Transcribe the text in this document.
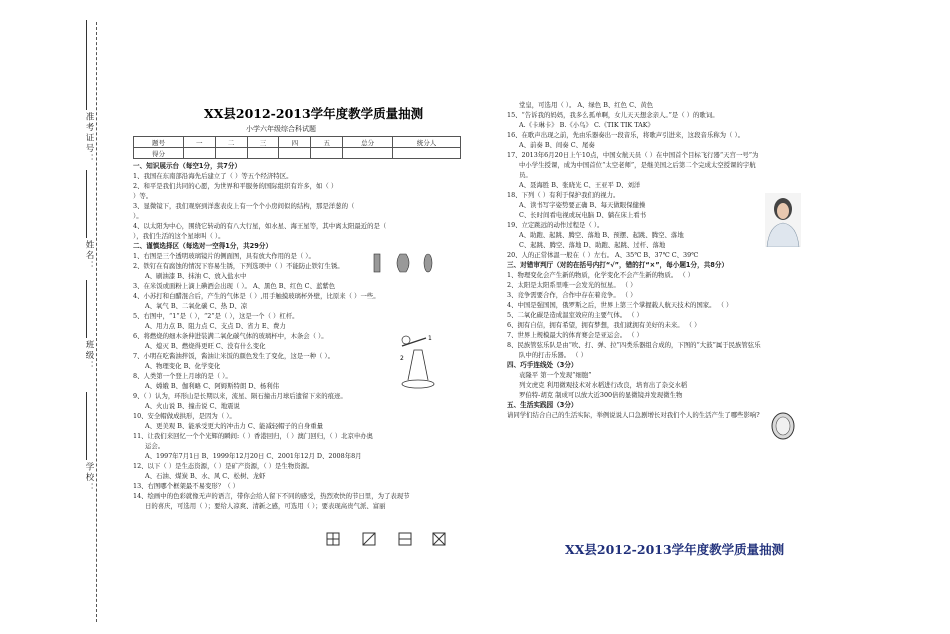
准考证号：
姓名：
班级：
学校：
XX县2012-2013学年度教学质量抽测
小学六年级综合科试题
题号	一	二	三	四	五	总分	统分人
得分							
一、知识展示台（每空1分，共7分）
1、我国在东南部沿海先后建立了（ ）等五个经济特区。
2、和平是我们共同的心愿，为世界和平服务的国际组织有许多，如（ ）
）等。
3、显微镜下，我们观察到洋葱表皮上有一个个小房间似的结构，那是洋葱的（
）。
4、以太阳为中心，围绕它转动的有八大行星，如水星、海王星等，其中离太阳最近的是（
），我们生活的这个星球叫（ ）。
二、谨慎选择区（每选对一空得1分，共29分）
1、右图是三个透明玻璃镜片的侧面图，具有放大作用的是（ ）。
2、铁钉在有腐蚀的情况下容易生锈，下列选项中（ ）不能防止铁钉生锈。
A、刷油漆 B、抹油 C、放入盐水中
3、在米饭或面粉上滴上碘酒会出现（ ）。 A、黑色 B、红色 C、蓝紫色
4、小苏打和白醋混合后，产生的气体是（ ）,用手触摸玻璃杯外壁，比原来（ ）一些。
A、氧气 B、二氧化碳 C、热 D、凉
5、右图中，“1”是（ ），“2”是（ ），这是一个（ ）杠杆。
A、用力点 B、阻力点 C、支点 D、省力 E、费力
6、将燃烧的细木条伸进装满二氧化碳气体的玻璃杯中，木条会（ ）。
A、熄灭 B、燃烧得更旺 C、没有什么变化
7、小明在吃酱油拌饭，酱油让米饭的颜色发生了变化，这是一种（ ）。
A、物理变化 B、化学变化
8、人类第一个登上月球的是（ ）。
A、嫦娥 B、伽利略 C、阿姆斯特朗 D、杨利伟
9、（ ）认为，环形山是长期以来，流星、陨石撞击月球后遗留下来的痕迹。
A、火山说 B、撞击说 C、地震说
10、安全帽做成拱形，是因为（ ）。
A、更美观 B、能承受更大的冲击力 C、能减轻帽子的自身重量
11、让我们来回忆一个个光辉的瞬间:（ ）香港回归，（ ）澳门回归，（ ）北京申办奥
运会。
A、1997年7月1日 B、1999年12月20日 C、2001年12月 D、2008年8月
12、以下（ ）是生态资源，（ ）是矿产资源，（ ）是生物资源。
A、石油、煤炭 B、水、风 C、松树、龙虾
13、右图哪个框架最不易变形？（ ）
14、绘画中的色彩就像无声的语言，带你会给人留下不同的感受，热烈欢快的节日里，为了表现节
日的喜庆，可选用（ ）；要给人凉爽、清新之感，可选用（ ）；要表现高贵气派、富丽
堂皇，可选用（ ）。 A、绿色 B、红色 C、黄色
15、“告诉我的妈妈，我多么孤单啊，女儿天天想念亲人。”是（ ）的歌词。
A.《卡琳卡》 B.《小鸟》 C.《TIK TIK TAK》
16、在歌声出现之前，先由乐器奏出一段音乐，将歌声引进来，这段音乐称为（ ）。
A、前奏 B、间奏 C、尾奏
17、2013年6月20日上午10点，中国女航天员（ ）在中国首个目标飞行器“天宫一号”为
中小学生授课，成为中国首位“太空老师”，是继美国之后第二个完成太空授课的宇航
员。
A、聂海胜 B、张晓光 C、王亚平 D、刘洋
18、下列（ ）有利于保护我们的视力。
A、读书写字姿势要正确 B、每天做眼保健操
C、长时间看电视或玩电脑 D、躺在床上看书
19、立定跳远的动作过程是（ ）。
A、助跑、起跳、腾空、落地 B、预摆、起跳、腾空、落地
C、起跳、腾空、落地 D、助跑、起跳、过杆、落地
20、人的正常体温一般在（ ）左右。 A、35℃ B、37℃ C、39℃
三、对错审判厅（对的在括号内打“√”，错的打“×”，每小题1分，共8分）
1、物理变化会产生新的物质，化学变化不会产生新的物质。 （ ）
2、太阳是太阳系里唯一会发光的恒星。 （ ）
3、竞争需要合作，合作中存在着竞争。 （ ）
4、中国是强国国，俄罗斯之后，世界上第三个掌握载人航天技术的国家。 （ ）
5、二氧化碳是造成温室效应的主要气体。 （ ）
6、拥有自信，拥有希望，拥有梦想，我们就拥有美好的未来。 （ ）
7、世界上规模最大的体育赛会是亚运会。 （ ）
8、民族管弦乐队是由“吹、打、弹、拉”四类乐器组合成的，下图的“大鼓”属于民族管弦乐
队中的打击乐器。 （ ）
四、巧手连线处（3分）
袁隆平 第一个发现“细胞”
列文虎克 利用微观技术对水稻进行改良，培育出了杂交水稻
罗伯特-胡克 制成可以放大近300倍的显微镜并发现微生物
五、生活实践园（3分）
请同学们结合自己的生活实际，举例说说人口急剧增长对我们个人的生活产生了哪些影响?
1
2
XX县2012-2013学年度教学质量抽测
